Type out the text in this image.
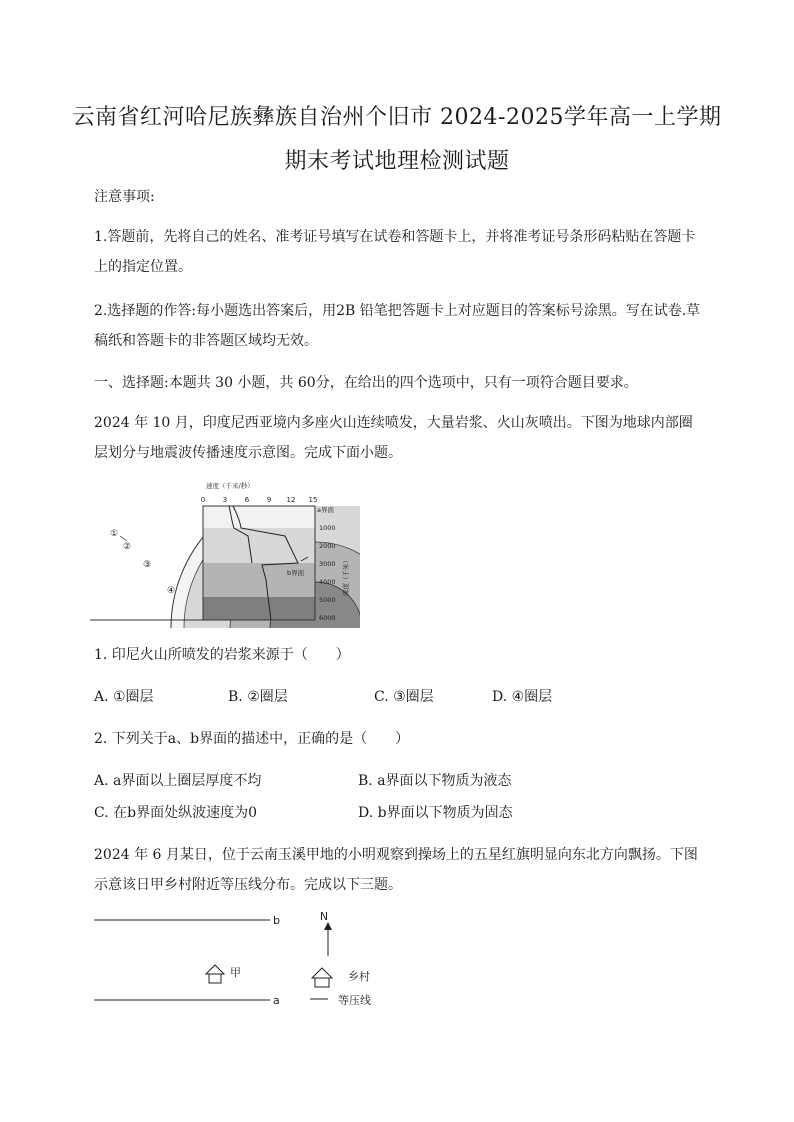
云南省红河哈尼族彝族自治州个旧市 2024-2025学年高一上学期
期末考试地理检测试题
注意事项:
1.答题前，先将自己的姓名、准考证号填写在试卷和答题卡上，并将准考证号条形码粘贴在答题卡上的指定位置。
2.选择题的作答:每小题选出答案后，用2B 铅笔把答题卡上对应题目的答案标号涂黑。写在试卷.草稿纸和答题卡的非答题区域均无效。
一、选择题:本题共 30 小题，共 60分，在给出的四个选项中，只有一项符合题目要求。
2024 年 10 月，印度尼西亚境内多座火山连续喷发，大量岩浆、火山灰喷出。下图为地球内部圈层划分与地震波传播速度示意图。完成下面小题。
速度（千米/秒）
0	3	6	9 12 15
a界面
1000
2000
3000
4000
5000
6000
深度（千米）
b界面
①
②
③
④
1. 印尼火山所喷发的岩浆来源于（　　）
A. ①圈层	B. ②圈层	C. ③圈层	D. ④圈层
2. 下列关于a、b界面的描述中，正确的是（　　）
A. a界面以上圈层厚度不均	B. a界面以下物质为液态
C. 在b界面处纵波速度为0	D. b界面以下物质为固态
2024 年 6 月某日，位于云南玉溪甲地的小明观察到操场上的五星红旗明显向东北方向飘扬。下图示意该日甲乡村附近等压线分布。完成以下三题。
b
a
N
甲	乡村
等压线
